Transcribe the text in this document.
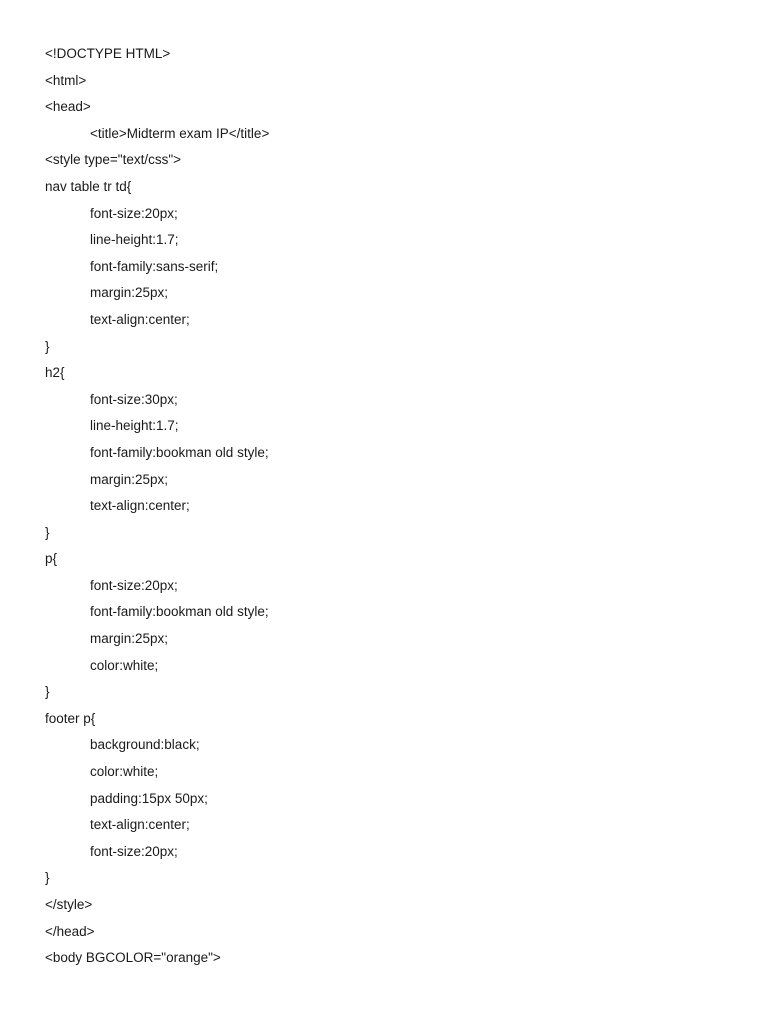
<!DOCTYPE HTML>
<html>
<head>
<title>Midterm exam IP</title>
<style type="text/css">
nav table tr td{
font-size:20px;
line-height:1.7;
font-family:sans-serif;
margin:25px;
text-align:center;
}
h2{
font-size:30px;
line-height:1.7;
font-family:bookman old style;
margin:25px;
text-align:center;
}
p{
font-size:20px;
font-family:bookman old style;
margin:25px;
color:white;
}
footer p{
background:black;
color:white;
padding:15px 50px;
text-align:center;
font-size:20px;
}
</style>
</head>
<body BGCOLOR="orange">
